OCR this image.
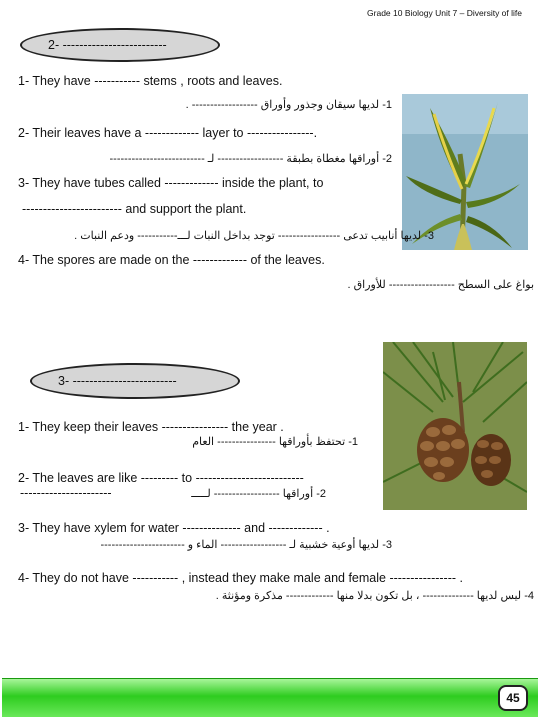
Grade 10 Biology Unit 7 – Diversity of life
2- -------------------------
1- They have ----------- stems , roots and leaves.
1- لديها سيقان وجذور وأوراق ------------------ .
2- Their leaves have a ------------- layer to ----------------.
2- أوراقها مغطاة بطبقة ------------------ لـ --------------------------
3- They have tubes called ------------- inside the plant, to
------------------------ and support the plant.
3- لديها أنابيب تدعى ----------------- توجد بداخل النبات لـــ----------- ودعم النبات .
4- The spores are made on the ------------- of the leaves.
بواغ على السطح ------------------ للأوراق .
3- -------------------------
1- They keep their leaves ---------------- the year .
1- تحتفظ بأوراقها ---------------- العام
2- The leaves are like --------- to --------------------------
----------------------	2- أوراقها ------------------ لـــــ
3- They have xylem for water -------------- and ------------- .
3- لديها أوعية خشبية لـ ------------------ الماء و -----------------------
4- They do not have ----------- , instead they make male and female ---------------- .
4- ليس لديها -------------- ، بل تكون بدلا منها ------------- مذكرة ومؤنثة .
45
